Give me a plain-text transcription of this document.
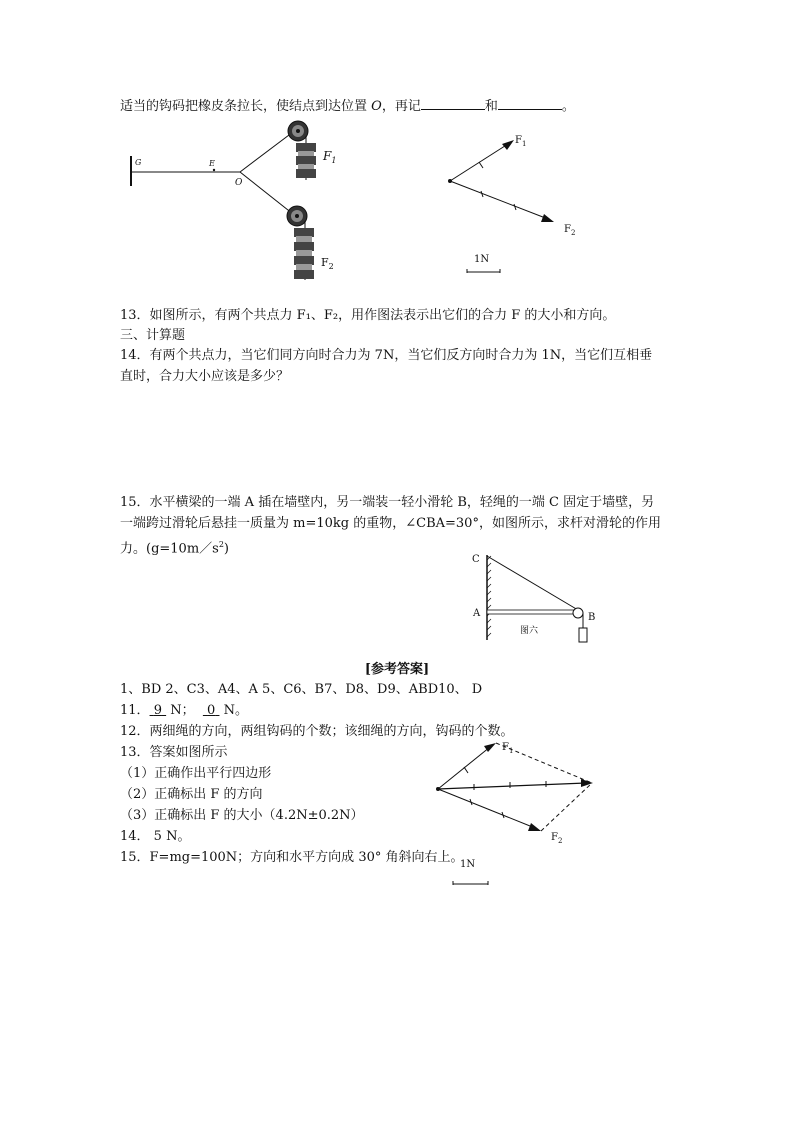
适当的钩码把橡皮条拉长，使结点到达位置 O，再记	和	。
G	E
O
$F_1$
$F_2$
$F_1$
$F_2$
1N
13．如图所示，有两个共点力 F₁、F₂，用作图法表示出它们的合力 F 的大小和方向。
三、计算题
14．有两个共点力，当它们同方向时合力为 7N，当它们反方向时合力为 1N，当它们互相垂
直时，合力大小应该是多少？
15．水平横梁的一端 A 插在墙壁内，另一端装一轻小滑轮 B，轻绳的一端 C 固定于墙壁，另
一端跨过滑轮后悬挂一质量为 m=10kg 的重物，∠CBA=30°，如图所示，求杆对滑轮的作用
力。$(g=10m/s^2)$
C
A	B
图六
[参考答案]
1、BD 2、C3、A4、A 5、C6、B7、D8、D9、ABD10、 D
11． 9  N； 0  N。
12．两细绳的方向，两组钩码的个数；该细绳的方向，钩码的个数。
13．答案如图所示
（1）正确作出平行四边形
（2）正确标出 F 的方向
（3）正确标出 F 的大小（4.2N±0.2N）
14． 5 N。
15．F=mg=100N；方向和水平方向成 30° 角斜向右上。
$F_1$
$F_2$
1N
